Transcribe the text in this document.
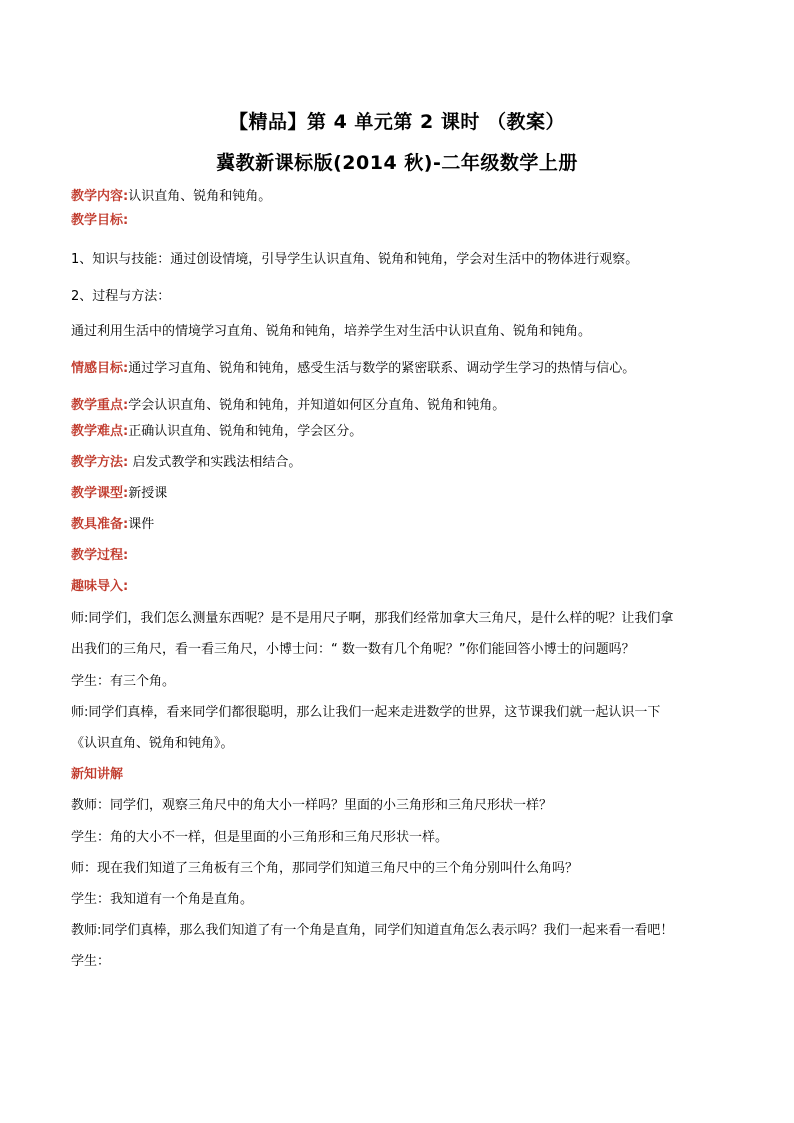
【精品】第 4 单元第 2 课时 （教案）
冀教新课标版(2014 秋)-二年级数学上册
教学内容:认识直角、锐角和钝角。
教学目标:
1、知识与技能：通过创设情境，引导学生认识直角、锐角和钝角，学会对生活中的物体进行观察。
2、过程与方法：
通过利用生活中的情境学习直角、锐角和钝角，培养学生对生活中认识直角、锐角和钝角。
情感目标:通过学习直角、锐角和钝角，感受生活与数学的紧密联系、调动学生学习的热情与信心。
教学重点:学会认识直角、锐角和钝角，并知道如何区分直角、锐角和钝角。
教学难点:正确认识直角、锐角和钝角，学会区分。
教学方法: 启发式教学和实践法相结合。
教学课型:新授课
教具准备:课件
教学过程:
趣味导入:
师:同学们，我们怎么测量东西呢？是不是用尺子啊，那我们经常加拿大三角尺，是什么样的呢？让我们拿
出我们的三角尺，看一看三角尺，小博士问：“ 数一数有几个角呢？”你们能回答小博士的问题吗？
学生：有三个角。
师:同学们真棒，看来同学们都很聪明，那么让我们一起来走进数学的世界，这节课我们就一起认识一下
《认识直角、锐角和钝角》。
新知讲解
教师：同学们，观察三角尺中的角大小一样吗？里面的小三角形和三角尺形状一样？
学生：角的大小不一样，但是里面的小三角形和三角尺形状一样。
师：现在我们知道了三角板有三个角，那同学们知道三角尺中的三个角分别叫什么角吗？
学生：我知道有一个角是直角。
教师:同学们真棒，那么我们知道了有一个角是直角，同学们知道直角怎么表示吗？我们一起来看一看吧！
学生：
